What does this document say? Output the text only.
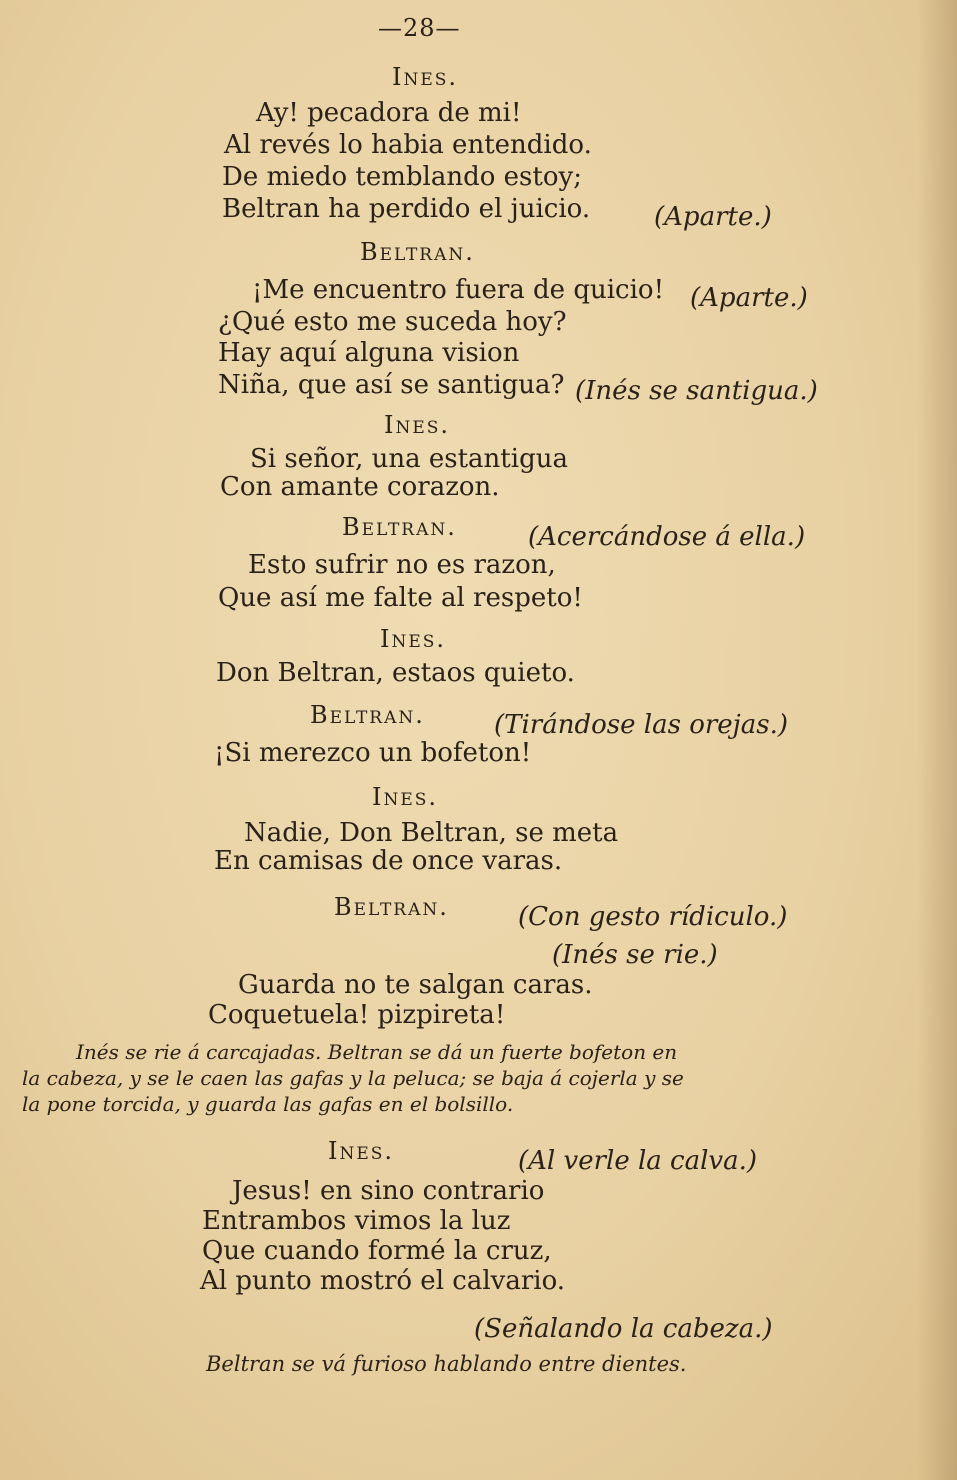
—28—
Ines.
Ay! pecadora de mi!
Al revés lo habia entendido.
De miedo temblando estoy;
Beltran ha perdido el juicio. (Aparte.)
Beltran.
¡Me encuentro fuera de quicio! (Aparte.)
¿Qué esto me suceda hoy?
Hay aquí alguna vision
Niña, que así se santigua? (Inés se santigua.)
Ines.
Si señor, una estantigua
Con amante corazon.
Beltran.	(Acercándose á ella.)
Esto sufrir no es razon,
Que así me falte al respeto!
Ines.
Don Beltran, estaos quieto.
Beltran.	(Tirándose las orejas.)
¡Si merezco un bofeton!
Ines.
Nadie, Don Beltran, se meta
En camisas de once varas.
Beltran.	(Con gesto rídiculo.)
(Inés se rie.)
Guarda no te salgan caras.
Coquetuela! pizpireta!
Inés se rie á carcajadas. Beltran se dá un fuerte bofeton en
la cabeza, y se le caen las gafas y la peluca; se baja á cojerla y se
la pone torcida, y guarda las gafas en el bolsillo.
Ines.	(Al verle la calva.)
Jesus! en sino contrario
Entrambos vimos la luz
Que cuando formé la cruz,
Al punto mostró el calvario.
(Señalando la cabeza.)
Beltran se vá furioso hablando entre dientes.
